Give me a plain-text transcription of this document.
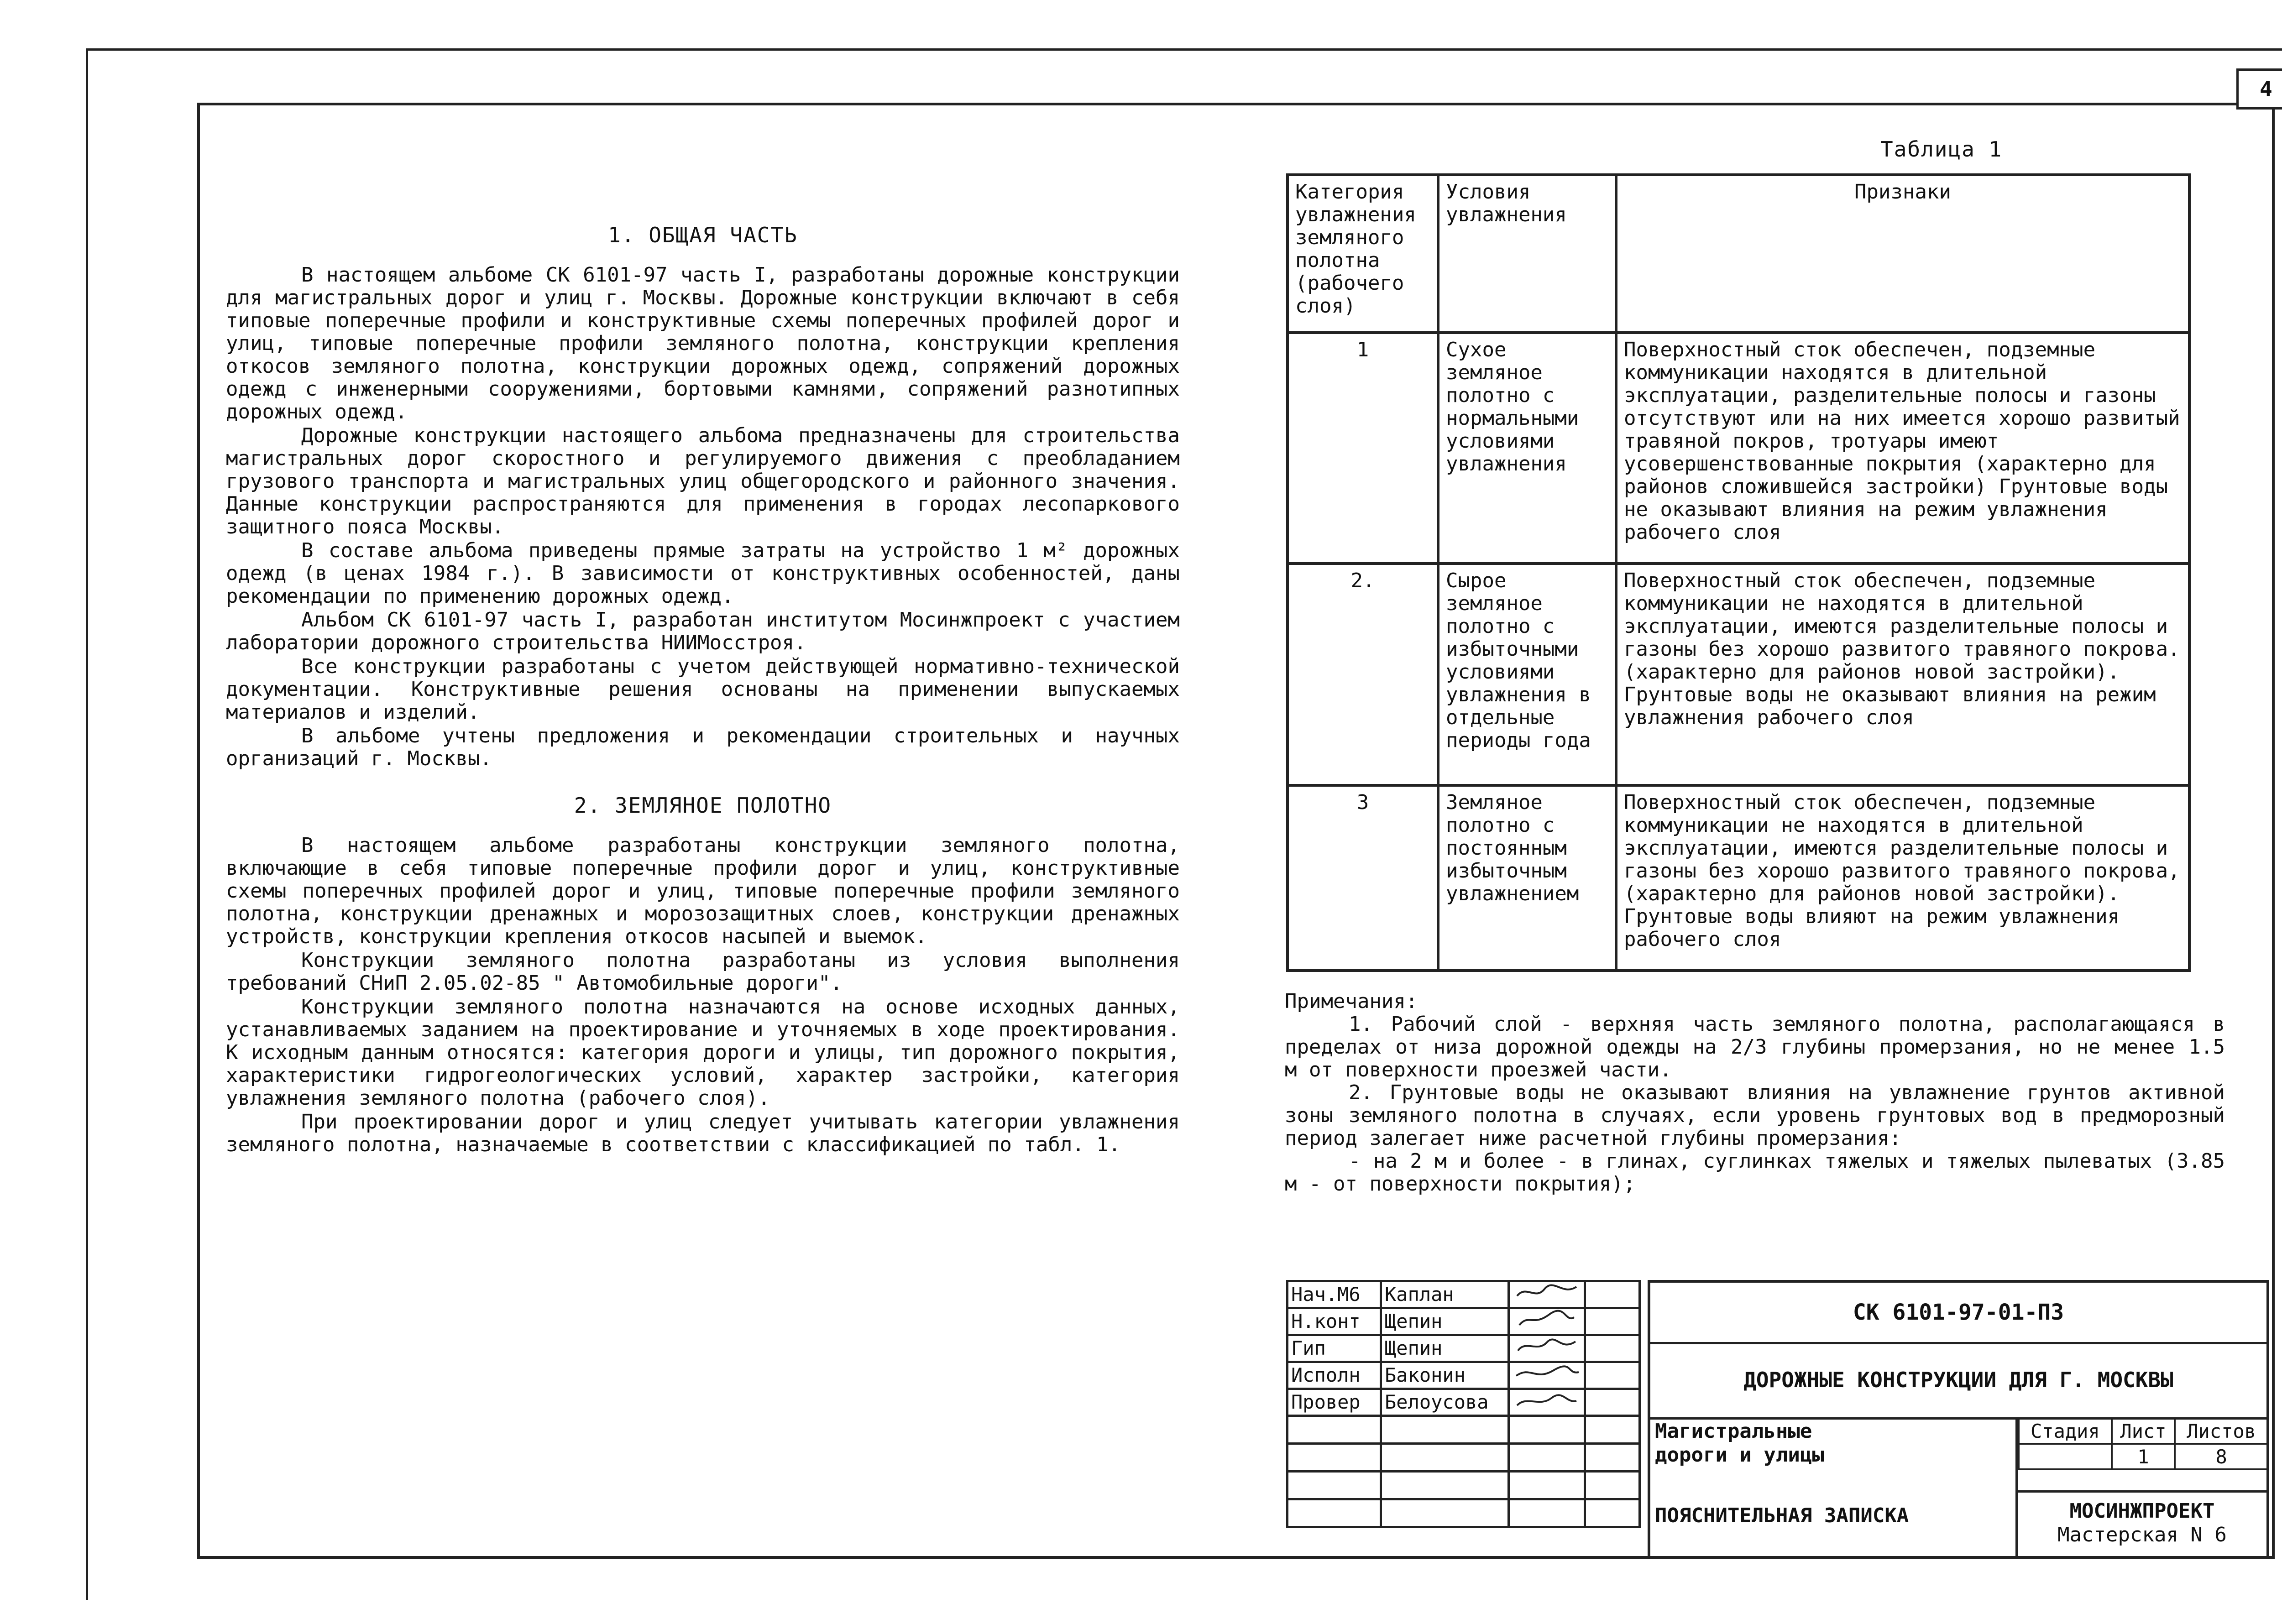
4
1. ОБЩАЯ ЧАСТЬ

В настоящем альбоме СК 6101-97 часть I, разработаны дорожные конструкции для магистральных дорог и улиц г. Москвы. Дорожные конструкции включают в себя типовые поперечные профили и конструктивные схемы поперечных профилей дорог и улиц, типовые поперечные профили земляного полотна, конструкции крепления откосов земляного полотна, конструкции дорожных одежд, сопряжений дорожных одежд с инженерными сооружениями, бортовыми камнями, сопряжений разнотипных дорожных одежд.

Дорожные конструкции настоящего альбома предназначены для строительства магистральных дорог скоростного и регулируемого движения с преобладанием грузового транспорта и магистральных улиц общегородского и районного значения. Данные конструкции распространяются для применения в городах лесопаркового защитного пояса Москвы.

В составе альбома приведены прямые затраты на устройство 1 м² дорожных одежд (в ценах 1984 г.). В зависимости от конструктивных особенностей, даны рекомендации по применению дорожных одежд.

Альбом СК 6101-97 часть I, разработан институтом Мосинжпроект с участием лаборатории дорожного строительства НИИМосстроя.

Все конструкции разработаны с учетом действующей нормативно-технической документации. Конструктивные решения основаны на применении выпускаемых материалов и изделий.

В альбоме учтены предложения и рекомендации строительных и научных организаций г. Москвы.

2. ЗЕМЛЯНОЕ ПОЛОТНО

В настоящем альбоме разработаны конструкции земляного полотна, включающие в себя типовые поперечные профили дорог и улиц, конструктивные схемы поперечных профилей дорог и улиц, типовые поперечные профили земляного полотна, конструкции дренажных и морозозащитных слоев, конструкции дренажных устройств, конструкции крепления откосов насыпей и выемок.

Конструкции земляного полотна разработаны из условия выполнения требований СНиП 2.05.02-85 " Автомобильные дороги".

Конструкции земляного полотна назначаются на основе исходных данных, устанавливаемых заданием на проектирование и уточняемых в ходе проектирования. К исходным данным относятся: категория дороги и улицы, тип дорожного покрытия, характеристики гидрогеологических условий, характер застройки, категория увлажнения земляного полотна (рабочего слоя).

При проектировании дорог и улиц следует учитывать категории увлажнения земляного полотна, назначаемые в соответствии с классификацией по табл. 1.

Таблица 1
Категория увлажнения земляного полотна (рабочего слоя)	Условия увлажнения	Признаки
1	Сухое земляное полотно с нормальными условиями увлажнения	Поверхностный сток обеспечен, подземные коммуникации находятся в длительной эксплуатации, разделительные полосы и газоны отсутствуют или на них имеется хорошо развитый травяной покров, тротуары имеют усовершенствованные покрытия (характерно для районов сложившейся застройки) Грунтовые воды не оказывают влияния на режим увлажнения рабочего слоя
2.	Сырое земляное полотно с избыточными условиями увлажнения в отдельные периоды года	Поверхностный сток обеспечен, подземные коммуникации не находятся в длительной эксплуатации, имеются разделительные полосы и газоны без хорошо развитого травяного покрова. (характерно для районов новой застройки). Грунтовые воды не оказывают влияния на режим увлажнения рабочего слоя
3	Земляное полотно с постоянным избыточным увлажнением	Поверхностный сток обеспечен, подземные коммуникации не находятся в длительной эксплуатации, имеются разделительные полосы и газоны без хорошо развитого травяного покрова, (характерно для районов новой застройки). Грунтовые воды влияют на режим увлажнения рабочего слоя

Примечания:

1. Рабочий слой - верхняя часть земляного полотна, располагающаяся в пределах от низа дорожной одежды на 2/3 глубины промерзания, но не менее 1.5 м от поверхности проезжей части.

2. Грунтовые воды не оказывают влияния на увлажнение грунтов активной зоны земляного полотна в случаях, если уровень грунтовых вод в предморозный период залегает ниже расчетной глубины промерзания:

- на 2 м и более - в глинах, суглинках тяжелых и тяжелых пылеватых (3.85 м - от поверхности покрытия);

Нач.М6	Каплан		
Н.конт	Щепин		
Гип	Щепин		
Исполн	Баконин		
Провер	Белоусова		

СК 6101-97-01-ПЗ
ДОРОЖНЫЕ КОНСТРУКЦИИ ДЛЯ Г. МОСКВЫ
Магистральные
дороги и улицы
Стадия	Лист	Листов
	1	8
ПОЯСНИТЕЛЬНАЯ ЗАПИСКА	МОСИНЖПРОЕКТ
Мастерская N 6
